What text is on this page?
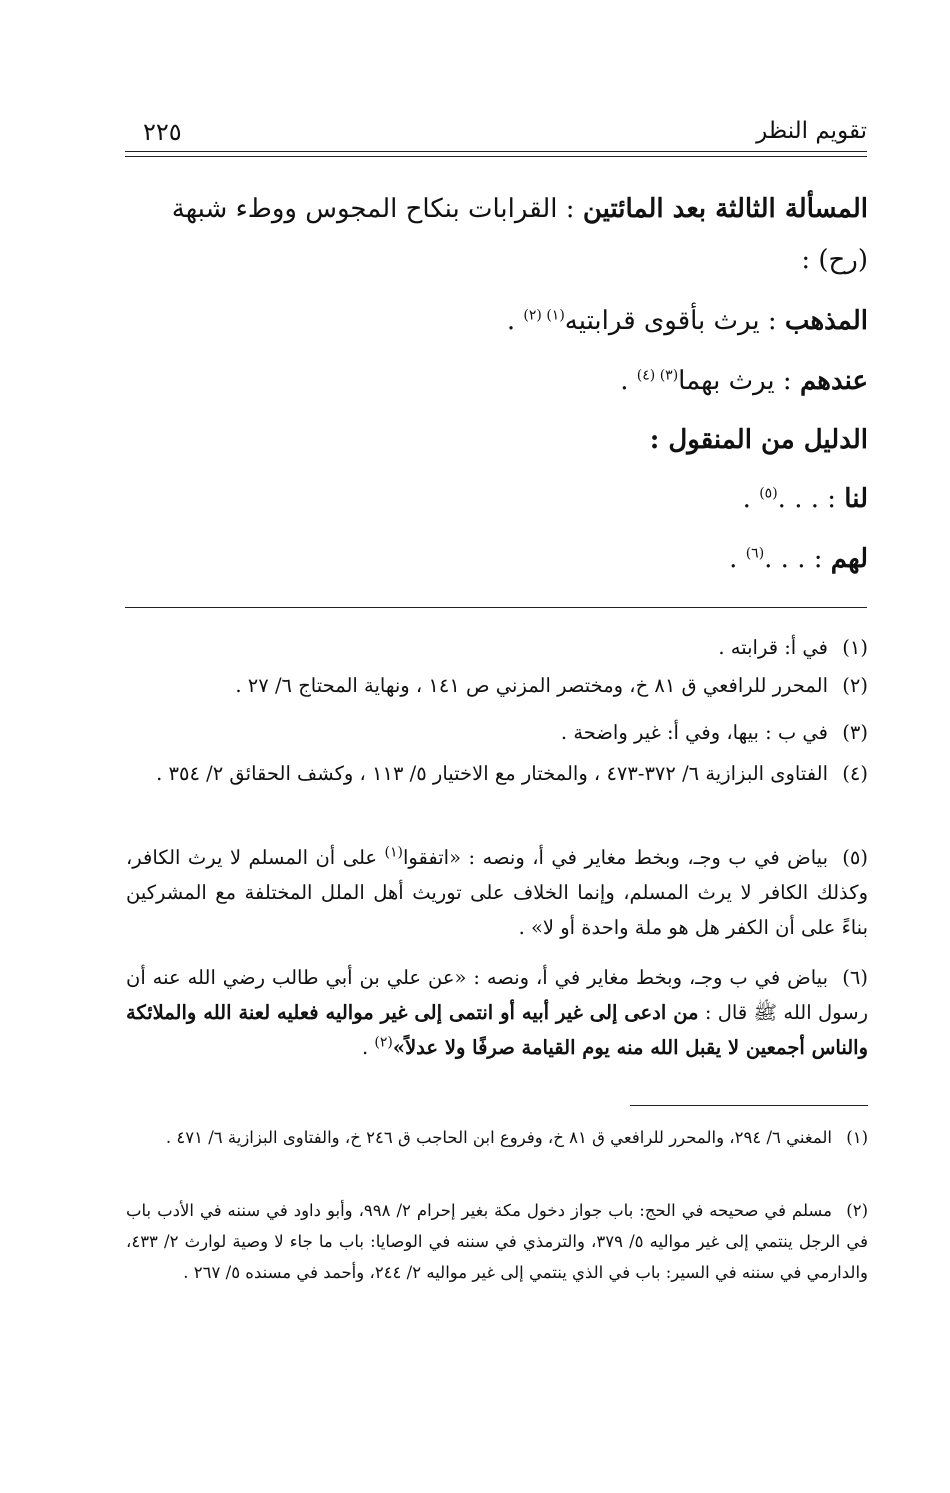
٢٢٥	تقويم النظر
المسألة الثالثة بعد المائتين : القرابات بنكاح المجوس ووطء شبهة
(رح) :
المذهب : يرث بأقوى قرابتيه$^{(١) (٢)}$ .
عندهم : يرث بهما$^{(٣) (٤)}$ .
الدليل من المنقول :
لنا : . . .$^{(٥)}$ .
لهم : . . .$^{(٦)}$ .
(١)في أ: قرابته .
(٢)المحرر للرافعي ق ٨١ خ، ومختصر المزني ص ١٤١ ، ونهاية المحتاج ٦/ ٢٧ .
(٣)في ب : بيها، وفي أ: غير واضحة .
(٤)الفتاوى البزازية ٦/ ٣٧٢-٤٧٣ ، والمختار مع الاختيار ٥/ ١١٣ ، وكشف الحقائق ٢/ ٣٥٤ .
(٥)بياض في ب وجـ، وبخط مغاير في أ، ونصه : «اتفقوا$^{(١)}$ على أن المسلم لا يرث الكافر، وكذلك الكافر لا يرث المسلم، وإنما الخلاف على توريث أهل الملل المختلفة مع المشركين بناءً على أن الكفر هل هو ملة واحدة أو لا» .
(٦)بياض في ب وجـ، وبخط مغاير في أ، ونصه : «عن علي بن أبي طالب رضي الله عنه أن رسول الله ﷺ قال : من ادعى إلى غير أبيه أو انتمى إلى غير مواليه فعليه لعنة الله والملائكة والناس أجمعين لا يقبل الله منه يوم القيامة صرفًا ولا عدلاً»$^{(٢)}$ .
(١)المغني ٦/ ٢٩٤، والمحرر للرافعي ق ٨١ خ، وفروع ابن الحاجب ق ٢٤٦ خ، والفتاوى البزازية ٦/ ٤٧١ .
(٢)مسلم في صحيحه في الحج: باب جواز دخول مكة بغير إحرام ٢/ ٩٩٨، وأبو داود في سننه في الأدب باب في الرجل ينتمي إلى غير مواليه ٥/ ٣٧٩، والترمذي في سننه في الوصايا: باب ما جاء لا وصية لوارث ٢/ ٤٣٣، والدارمي في سننه في السير: باب في الذي ينتمي إلى غير مواليه ٢/ ٢٤٤، وأحمد في مسنده ٥/ ٢٦٧ .
